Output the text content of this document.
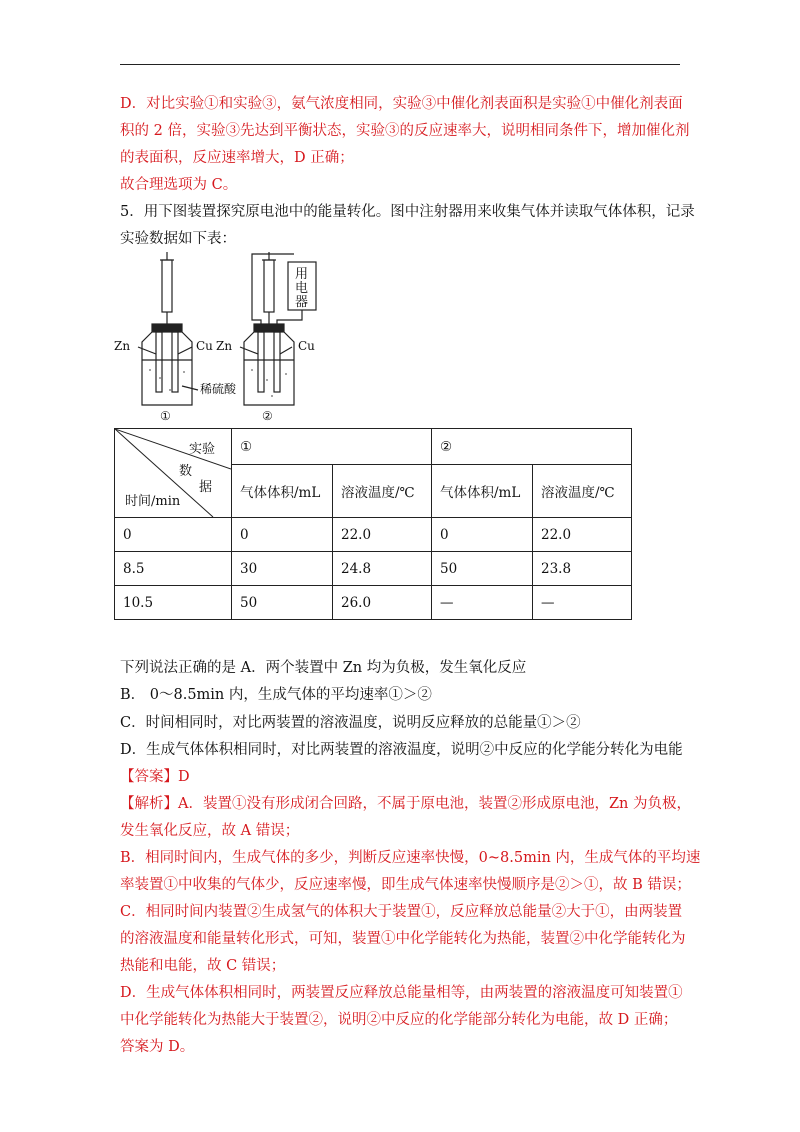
D．对比实验①和实验③，氨气浓度相同，实验③中催化剂表面积是实验①中催化剂表面
积的 2 倍，实验③先达到平衡状态，实验③的反应速率大，说明相同条件下，增加催化剂
的表面积，反应速率增大，D 正确；
故合理选项为 C。
5．用下图装置探究原电池中的能量转化。图中注射器用来收集气体并读取气体体积，记录
实验数据如下表：
Zn	Cu Zn	Cu
稀硫酸
①	②
用
电
器
实验
数
据
时间/min	①		②	
	气体体积/mL	溶液温度/℃	气体体积/mL	溶液温度/℃
0	0	22.0	0	22.0
8.5	30	24.8	50	23.8
10.5	50	26.0	—	—
下列说法正确的是 A．两个装置中 Zn 均为负极，发生氧化反应
B． 0～8.5min 内，生成气体的平均速率①＞②
C．时间相同时，对比两装置的溶液温度，说明反应释放的总能量①＞②
D．生成气体体积相同时，对比两装置的溶液温度，说明②中反应的化学能分转化为电能
【答案】D
【解析】A．装置①没有形成闭合回路，不属于原电池，装置②形成原电池，Zn 为负极，
发生氧化反应，故 A 错误；
B．相同时间内，生成气体的多少，判断反应速率快慢，0~8.5min 内，生成气体的平均速
率装置①中收集的气体少，反应速率慢，即生成气体速率快慢顺序是②＞①，故 B 错误；
C．相同时间内装置②生成氢气的体积大于装置①，反应释放总能量②大于①，由两装置
的溶液温度和能量转化形式，可知，装置①中化学能转化为热能，装置②中化学能转化为
热能和电能，故 C 错误；
D．生成气体体积相同时，两装置反应释放总能量相等，由两装置的溶液温度可知装置①
中化学能转化为热能大于装置②，说明②中反应的化学能部分转化为电能，故 D 正确；
答案为 D。
